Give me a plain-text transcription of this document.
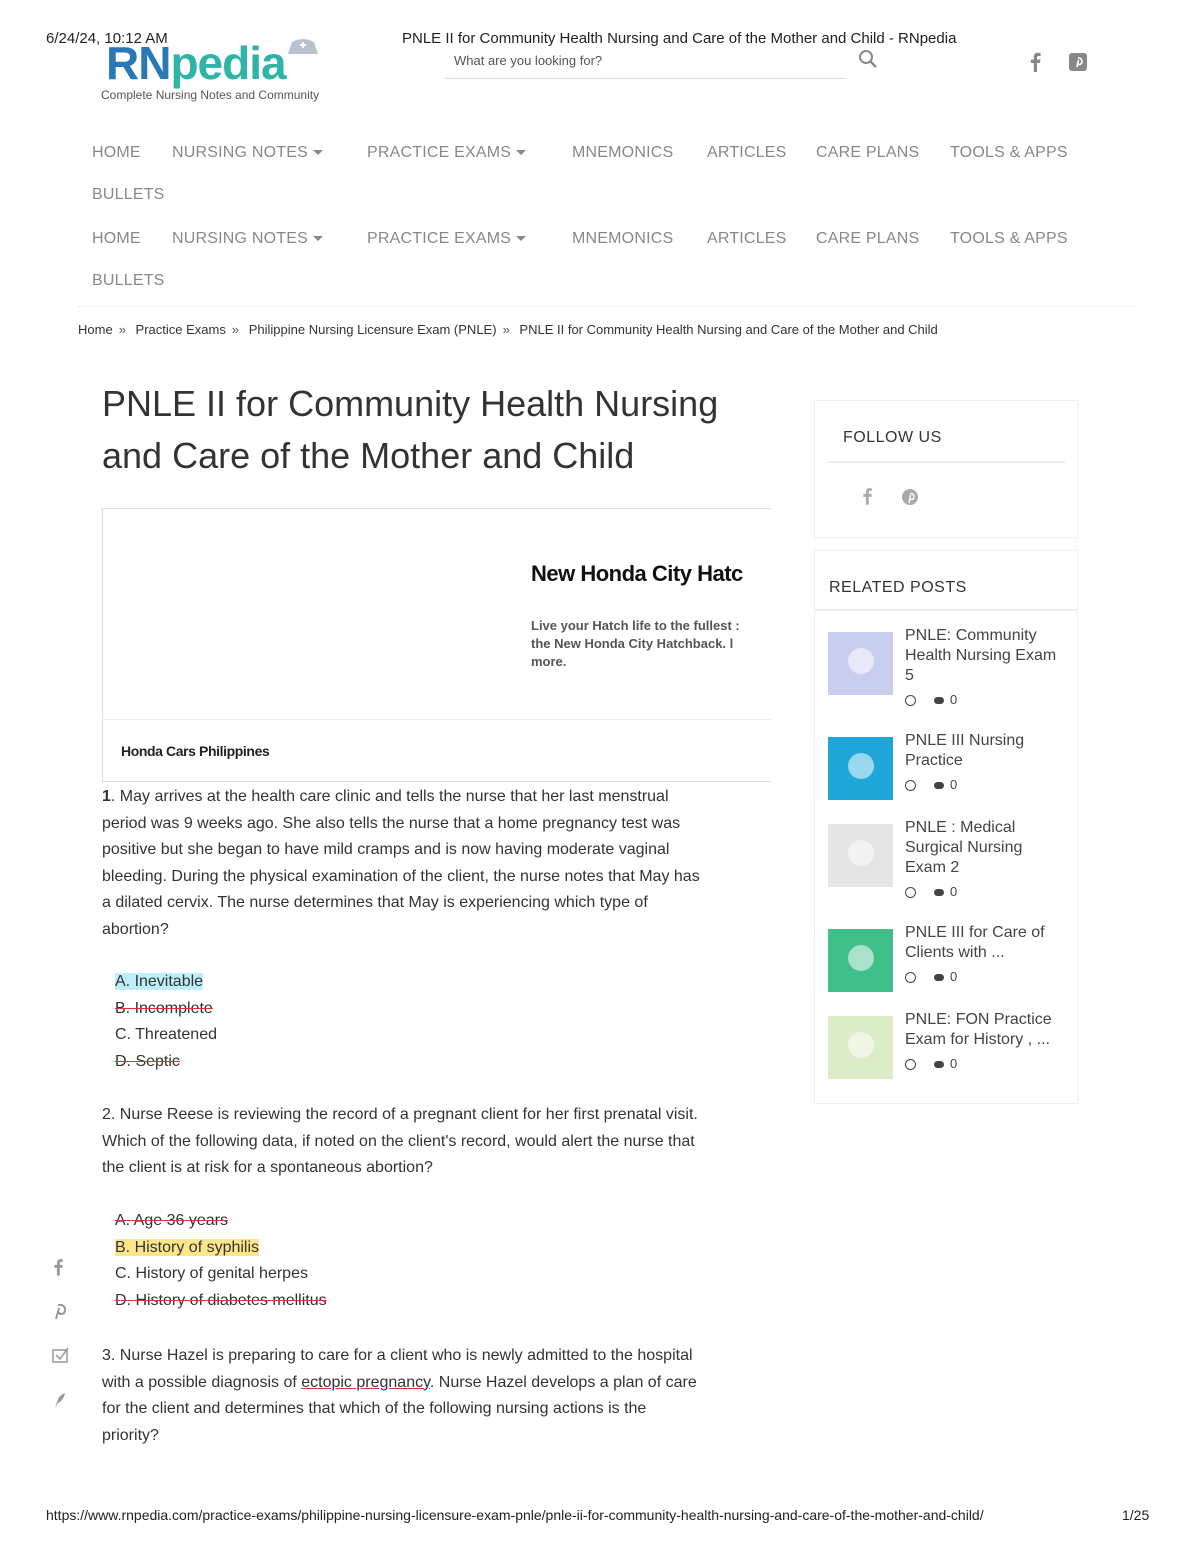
6/24/24, 10:12 AM	PNLE II for Community Health Nursing and Care of the Mother and Child - RNpedia
RNpedia
Complete Nursing Notes and Community
What are you looking for?
HOME NURSING NOTES	PRACTICE EXAMS	MNEMONICS ARTICLES CARE PLANS TOOLS & APPS
BULLETS
HOME NURSING NOTES	PRACTICE EXAMS	MNEMONICS ARTICLES CARE PLANS TOOLS & APPS
BULLETS
Home » Practice Exams » Philippine Nursing Licensure Exam (PNLE) » PNLE II for Community Health Nursing and Care of the Mother and Child
PNLE II for Community Health Nursing
and Care of the Mother and Child
New Honda City Hatc
Live your Hatch life to the fullest :
the New Honda City Hatchback. l
more.
Honda Cars Philippines
1. May arrives at the health care clinic and tells the nurse that her last menstrual
period was 9 weeks ago. She also tells the nurse that a home pregnancy test was
positive but she began to have mild cramps and is now having moderate vaginal
bleeding. During the physical examination of the client, the nurse notes that May has
a dilated cervix. The nurse determines that May is experiencing which type of
abortion?
A. Inevitable
B. Incomplete
C. Threatened
D. Septic
2. Nurse Reese is reviewing the record of a pregnant client for her first prenatal visit.
Which of the following data, if noted on the client's record, would alert the nurse that
the client is at risk for a spontaneous abortion?
A. Age 36 years
B. History of syphilis
C. History of genital herpes
D. History of diabetes mellitus
3. Nurse Hazel is preparing to care for a client who is newly admitted to the hospital
with a possible diagnosis of ectopic pregnancy. Nurse Hazel develops a plan of care
for the client and determines that which of the following nursing actions is the
priority?
FOLLOW US
RELATED POSTS
PNLE: Community
Health Nursing Exam
5
0
PNLE III Nursing
Practice
0
PNLE : Medical
Surgical Nursing
Exam 2
0
PNLE III for Care of
Clients with ...
0
PNLE: FON Practice
Exam for History , ...
0
https://www.rnpedia.com/practice-exams/philippine-nursing-licensure-exam-pnle/pnle-ii-for-community-health-nursing-and-care-of-the-mother-and-child/	1/25
